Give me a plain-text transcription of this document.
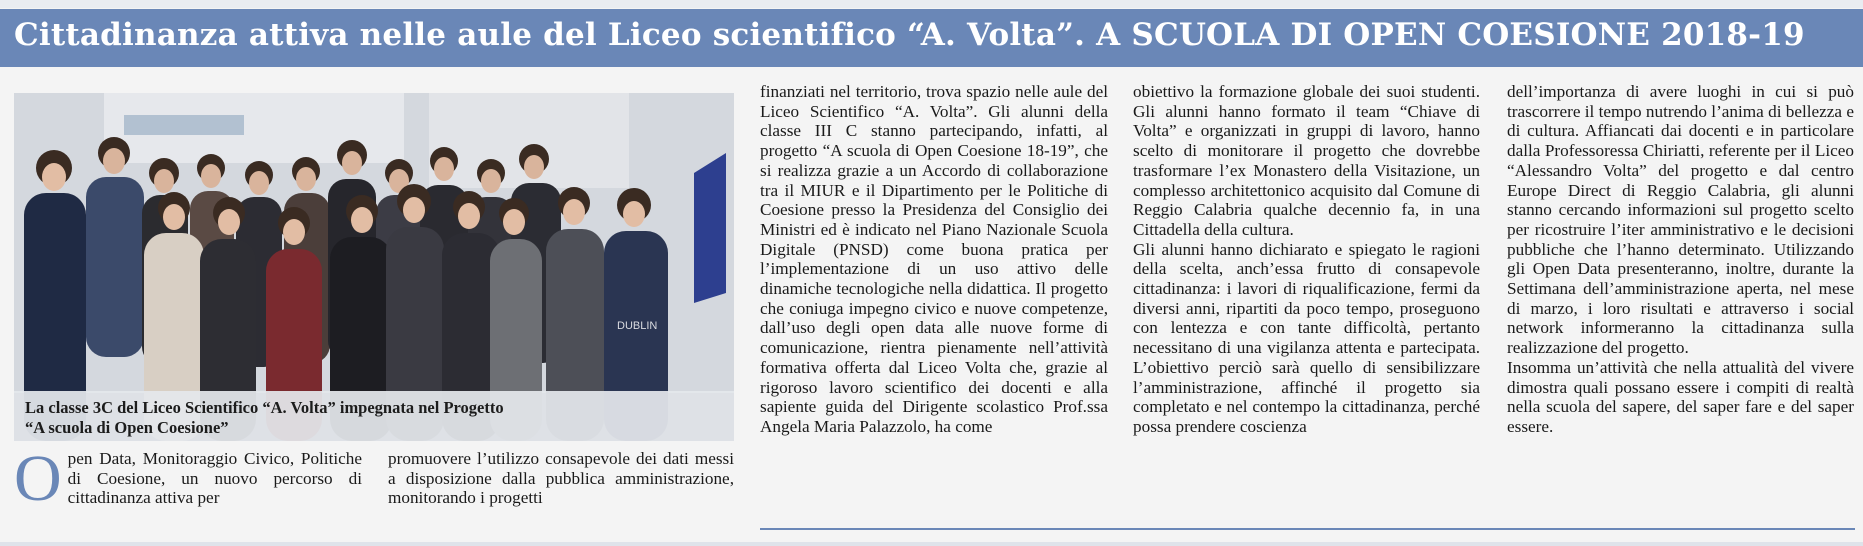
Cittadinanza attiva nelle aule del Liceo scientifico “A. Volta”. A SCUOLA DI OPEN COESIONE 2018-19
DUBLIN

La classe 3C del Liceo Scientifico “A. Volta” impegnata nel Progetto
“A scuola di Open Coesione”

O pen Data, Monitoraggio Civico, Politiche di Coesione, un nuovo percorso di cittadinanza attiva per
promuovere l’utilizzo consapevole dei dati messi a disposizione dalla pubblica amministrazione, monitorando i progetti

finanziati nel territorio, trova spazio nelle aule del Liceo Scientifico “A. Volta”. Gli alunni della classe III C stanno partecipando, infatti, al progetto “A scuola di Open Coesione 18-19”, che si realizza grazie a un Accordo di collaborazione tra il MIUR e il Dipartimento per le Politiche di Coesione presso la Presidenza del Consiglio dei Ministri ed è indicato nel Piano Nazionale Scuola Digitale (PNSD) come buona pratica per l’implementazione di un uso attivo delle dinamiche tecnologiche nella didattica. Il progetto che coniuga impegno civico e nuove competenze, dall’uso degli open data alle nuove forme di comunicazione, rientra pienamente nell’attività formativa offerta dal Liceo Volta che, grazie al rigoroso lavoro scientifico dei docenti e alla sapiente guida del Dirigente scolastico Prof.ssa Angela Maria Palazzolo, ha come

obiettivo la formazione globale dei suoi studenti. Gli alunni hanno formato il team “Chiave di Volta” e organizzati in gruppi di lavoro, hanno scelto di monitorare il progetto che dovrebbe trasformare l’ex Monastero della Visitazione, un complesso architettonico acquisito dal Comune di Reggio Calabria qualche decennio fa, in una Cittadella della cultura.

Gli alunni hanno dichiarato e spiegato le ragioni della scelta, anch’essa frutto di consapevole cittadinanza: i lavori di riqualificazione, fermi da diversi anni, ripartiti da poco tempo, proseguono con lentezza e con tante difficoltà, pertanto necessitano di una vigilanza attenta e partecipata. L’obiettivo perciò sarà quello di sensibilizzare l’amministrazione, affinché il progetto sia completato e nel contempo la cittadinanza, perché possa prendere coscienza

dell’importanza di avere luoghi in cui si può trascorrere il tempo nutrendo l’anima di bellezza e di cultura. Affiancati dai docenti e in particolare dalla Professoressa Chiriatti, referente per il Liceo “Alessandro Volta” del progetto e dal centro Europe Direct di Reggio Calabria, gli alunni stanno cercando informazioni sul progetto scelto per ricostruire l’iter amministrativo e le decisioni pubbliche che l’hanno determinato. Utilizzando gli Open Data presenteranno, inoltre, durante la Settimana dell’amministrazione aperta, nel mese di marzo, i loro risultati e attraverso i social network informeranno la cittadinanza sulla realizzazione del progetto.

Insomma un’attività che nella attualità del vivere dimostra quali possano essere i compiti di realtà nella scuola del sapere, del saper fare e del saper essere.
